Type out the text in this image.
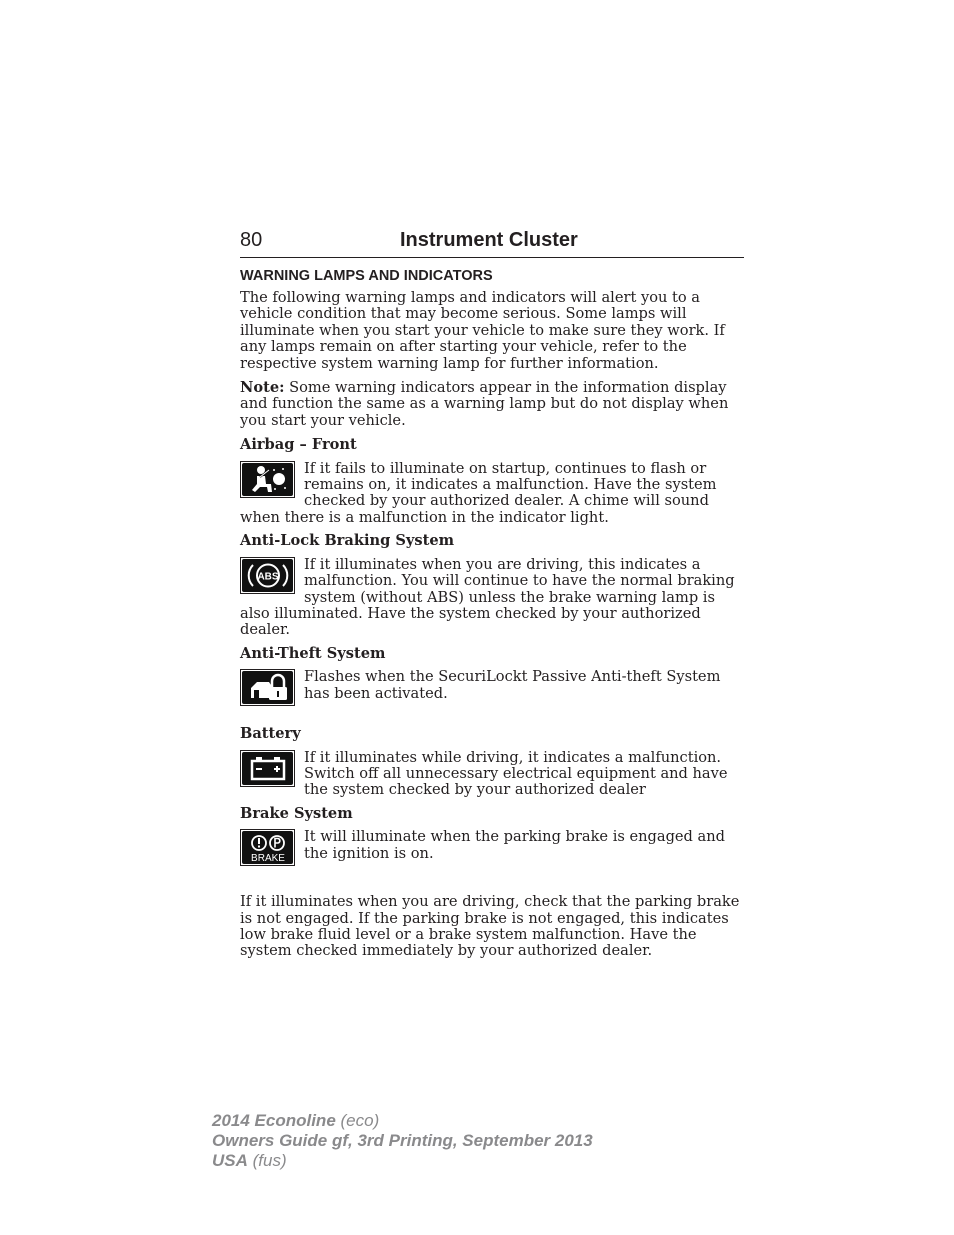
80	Instrument Cluster
WARNING LAMPS AND INDICATORS

The following warning lamps and indicators will alert you to a vehicle condition that may become serious. Some lamps will illuminate when you start your vehicle to make sure they work. If any lamps remain on after starting your vehicle, refer to the respective system warning lamp for further information.

Note: Some warning indicators appear in the information display and function the same as a warning lamp but do not display when you start your vehicle.

Airbag – Front

If it fails to illuminate on startup, continues to flash or remains on, it indicates a malfunction. Have the system checked by your authorized dealer. A chime will sound when there is a malfunction in the indicator light.

Anti-Lock Braking System
ABS

If it illuminates when you are driving, this indicates a malfunction. You will continue to have the normal braking system (without ABS) unless the brake warning lamp is also illuminated. Have the system checked by your authorized dealer.

Anti-Theft System

Flashes when the SecuriLockt Passive Anti-theft System has been activated.

Battery

If it illuminates while driving, it indicates a malfunction. Switch off all unnecessary electrical equipment and have the system checked by your authorized dealer

Brake System
BRAKE

It will illuminate when the parking brake is engaged and the ignition is on.

If it illuminates when you are driving, check that the parking brake is not engaged. If the parking brake is not engaged, this indicates low brake fluid level or a brake system malfunction. Have the system checked immediately by your authorized dealer.

2014 Econoline (eco)
Owners Guide gf, 3rd Printing, September 2013
USA (fus)
